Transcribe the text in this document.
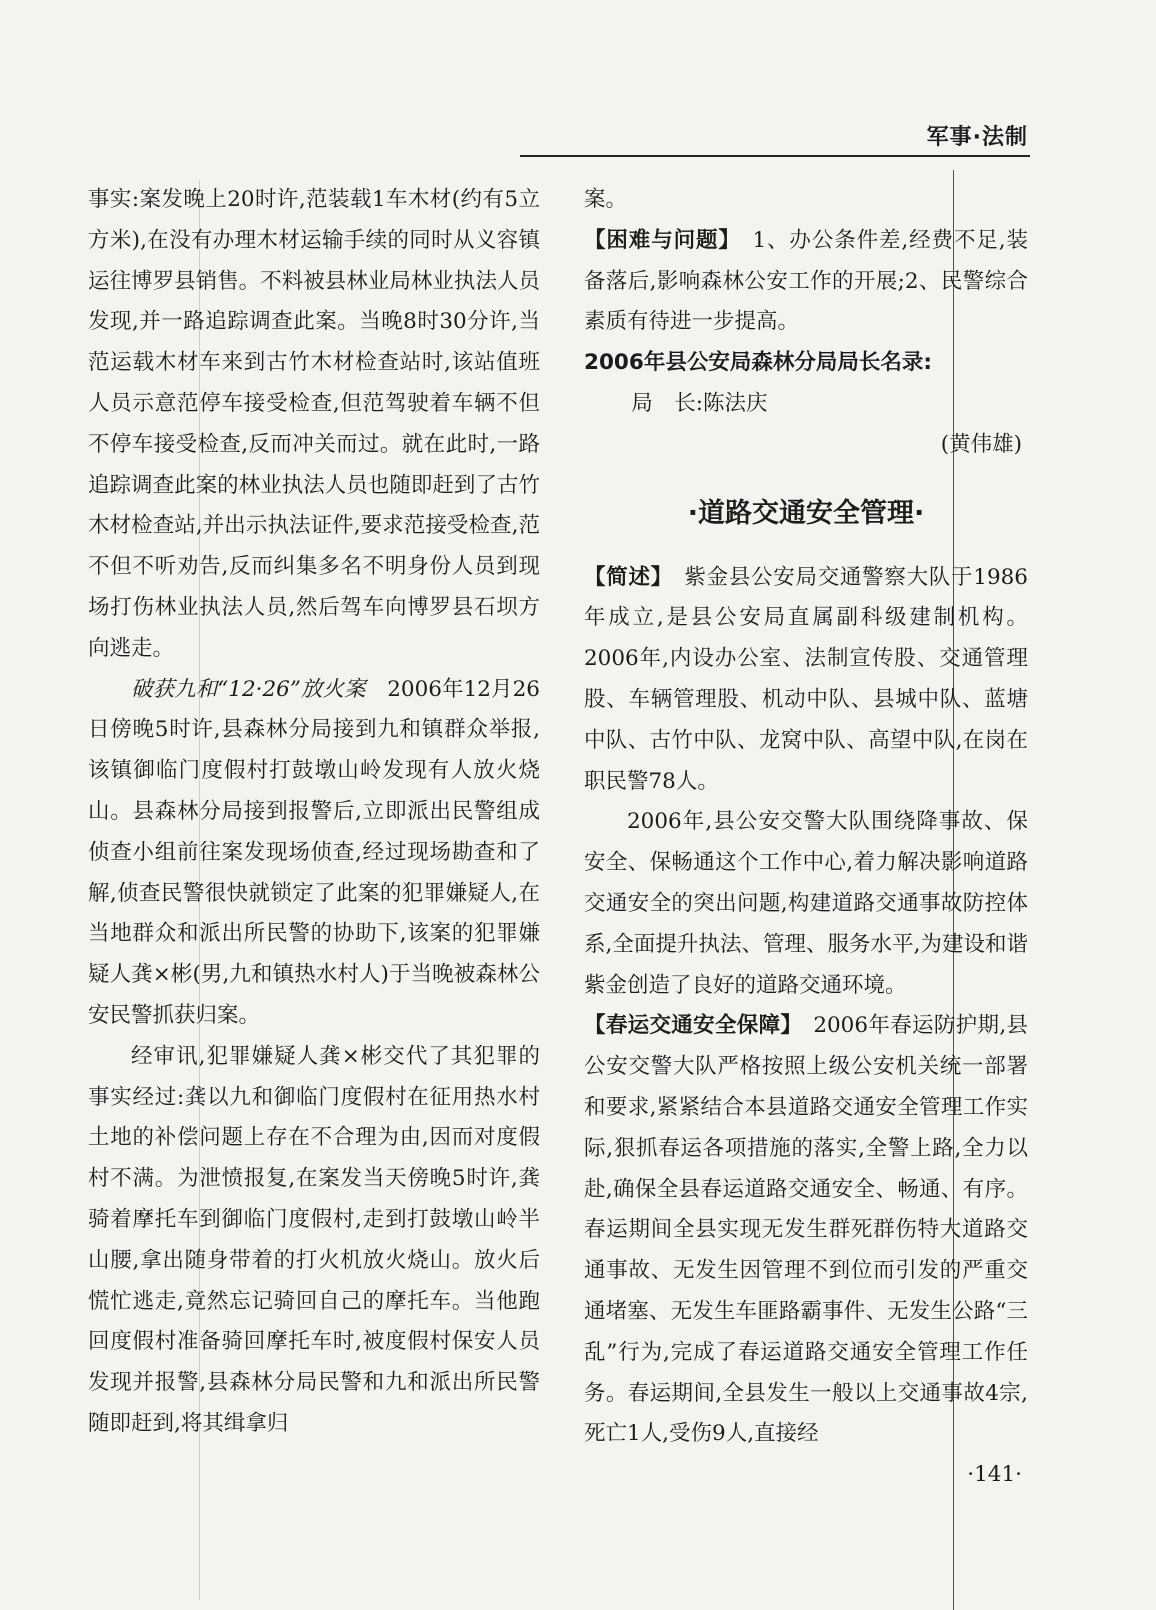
军事·法制

事实:案发晚上20时许,范装载1车木材(约有5立方米),在没有办理木材运输手续的同时从义容镇运往博罗县销售。不料被县林业局林业执法人员发现,并一路追踪调查此案。当晚8时30分许,当范运载木材车来到古竹木材检查站时,该站值班人员示意范停车接受检查,但范驾驶着车辆不但不停车接受检查,反而冲关而过。就在此时,一路追踪调查此案的林业执法人员也随即赶到了古竹木材检查站,并出示执法证件,要求范接受检查,范不但不听劝告,反而纠集多名不明身份人员到现场打伤林业执法人员,然后驾车向博罗县石坝方向逃走。

破获九和“12·26”放火案　 2006年12月26日傍晚5时许,县森林分局接到九和镇群众举报,该镇御临门度假村打鼓墩山岭发现有人放火烧山。县森林分局接到报警后,立即派出民警组成侦查小组前往案发现场侦查,经过现场勘查和了解,侦查民警很快就锁定了此案的犯罪嫌疑人,在当地群众和派出所民警的协助下,该案的犯罪嫌疑人龚×彬(男,九和镇热水村人)于当晚被森林公安民警抓获归案。

经审讯,犯罪嫌疑人龚×彬交代了其犯罪的事实经过:龚以九和御临门度假村在征用热水村土地的补偿问题上存在不合理为由,因而对度假村不满。为泄愤报复,在案发当天傍晚5时许,龚骑着摩托车到御临门度假村,走到打鼓墩山岭半山腰,拿出随身带着的打火机放火烧山。放火后慌忙逃走,竟然忘记骑回自己的摩托车。当他跑回度假村准备骑回摩托车时,被度假村保安人员发现并报警,县森林分局民警和九和派出所民警随即赶到,将其缉拿归

案。

【困难与问题】　 1、办公条件差,经费不足,装备落后,影响森林公安工作的开展;2、民警综合素质有待进一步提高。

2006年县公安局森林分局局长名录:

局　长:陈法庆

(黄伟雄)

·道路交通安全管理·

【简述】　 紫金县公安局交通警察大队于1986年成立,是县公安局直属副科级建制机构。2006年,内设办公室、法制宣传股、交通管理股、车辆管理股、机动中队、县城中队、蓝塘中队、古竹中队、龙窝中队、高望中队,在岗在职民警78人。

2006年,县公安交警大队围绕降事故、保安全、保畅通这个工作中心,着力解决影响道路交通安全的突出问题,构建道路交通事故防控体系,全面提升执法、管理、服务水平,为建设和谐紫金创造了良好的道路交通环境。

【春运交通安全保障】　 2006年春运防护期,县公安交警大队严格按照上级公安机关统一部署和要求,紧紧结合本县道路交通安全管理工作实际,狠抓春运各项措施的落实,全警上路,全力以赴,确保全县春运道路交通安全、畅通、有序。春运期间全县实现无发生群死群伤特大道路交通事故、无发生因管理不到位而引发的严重交通堵塞、无发生车匪路霸事件、无发生公路“三乱”行为,完成了春运道路交通安全管理工作任务。春运期间,全县发生一般以上交通事故4宗,死亡1人,受伤9人,直接经

·141·
